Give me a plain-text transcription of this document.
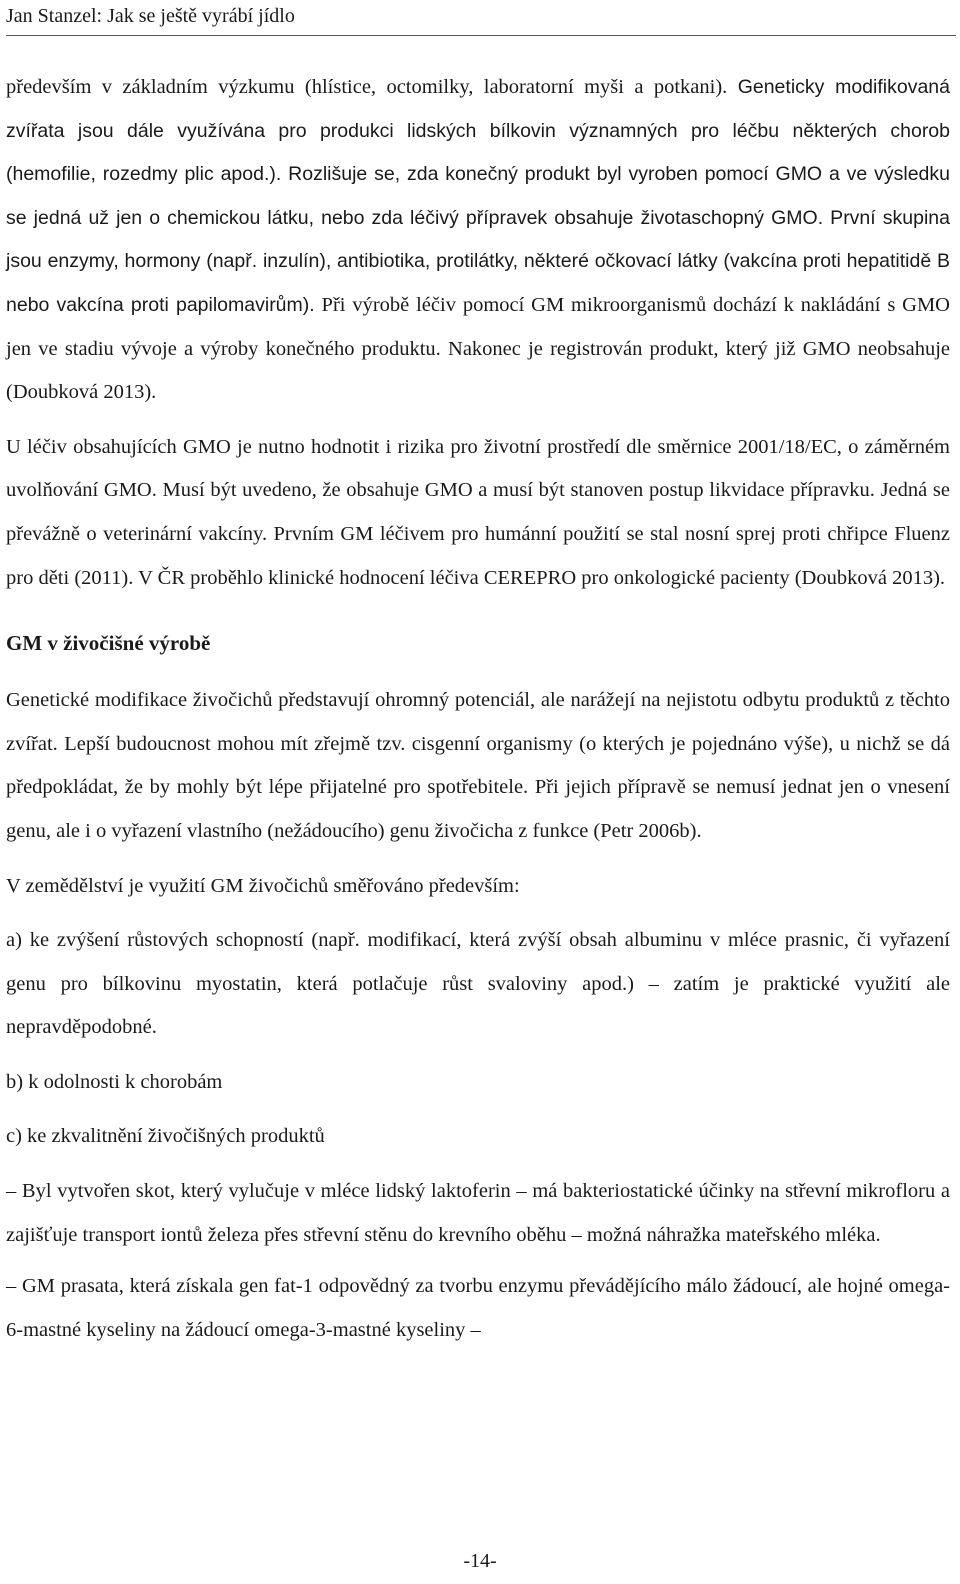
Jan Stanzel: Jak se ještě vyrábí jídlo

především v základním výzkumu (hlístice, octomilky, laboratorní myši a potkani). Geneticky modifikovaná zvířata jsou dále využívána pro produkci lidských bílkovin významných pro léčbu některých chorob (hemofilie, rozedmy plic apod.). Rozlišuje se, zda konečný produkt byl vyroben pomocí GMO a ve výsledku se jedná už jen o chemickou látku, nebo zda léčivý přípravek obsahuje životaschopný GMO. První skupina jsou enzymy, hormony (např. inzulín), antibiotika, protilátky, některé očkovací látky (vakcína proti hepatitidě B nebo vakcína proti papilomavirům). Při výrobě léčiv pomocí GM mikroorganismů dochází k nakládání s GMO jen ve stadiu vývoje a výroby konečného produktu. Nakonec je registrován produkt, který již GMO neobsahuje (Doubková 2013).

U léčiv obsahujících GMO je nutno hodnotit i rizika pro životní prostředí dle směrnice 2001/18/EC, o záměrném uvolňování GMO. Musí být uvedeno, že obsahuje GMO a musí být stanoven postup likvidace přípravku. Jedná se převážně o veterinární vakcíny. Prvním GM léčivem pro humánní použití se stal nosní sprej proti chřipce Fluenz pro děti (2011). V ČR proběhlo klinické hodnocení léčiva CEREPRO pro onkologické pacienty (Doubková 2013).

GM v živočišné výrobě

Genetické modifikace živočichů představují ohromný potenciál, ale narážejí na nejistotu odbytu produktů z těchto zvířat. Lepší budoucnost mohou mít zřejmě tzv. cisgenní organismy (o kterých je pojednáno výše), u nichž se dá předpokládat, že by mohly být lépe přijatelné pro spotřebitele. Při jejich přípravě se nemusí jednat jen o vnesení genu, ale i o vyřazení vlastního (nežádoucího) genu živočicha z funkce (Petr 2006b).

V zemědělství je využití GM živočichů směřováno především:

a) ke zvýšení růstových schopností (např. modifikací, která zvýší obsah albuminu v mléce prasnic, či vyřazení genu pro bílkovinu myostatin, která potlačuje růst svaloviny apod.) – zatím je praktické využití ale nepravděpodobné.

b) k odolnosti k chorobám

c) ke zkvalitnění živočišných produktů

– Byl vytvořen skot, který vylučuje v mléce lidský laktoferin – má bakteriostatické účinky na střevní mikrofloru a zajišťuje transport iontů železa přes střevní stěnu do krevního oběhu – možná náhražka mateřského mléka.

– GM prasata, která získala gen fat-1 odpovědný za tvorbu enzymu převádějícího málo žádoucí, ale hojné omega-6-mastné kyseliny na žádoucí omega-3-mastné kyseliny –

-14-
